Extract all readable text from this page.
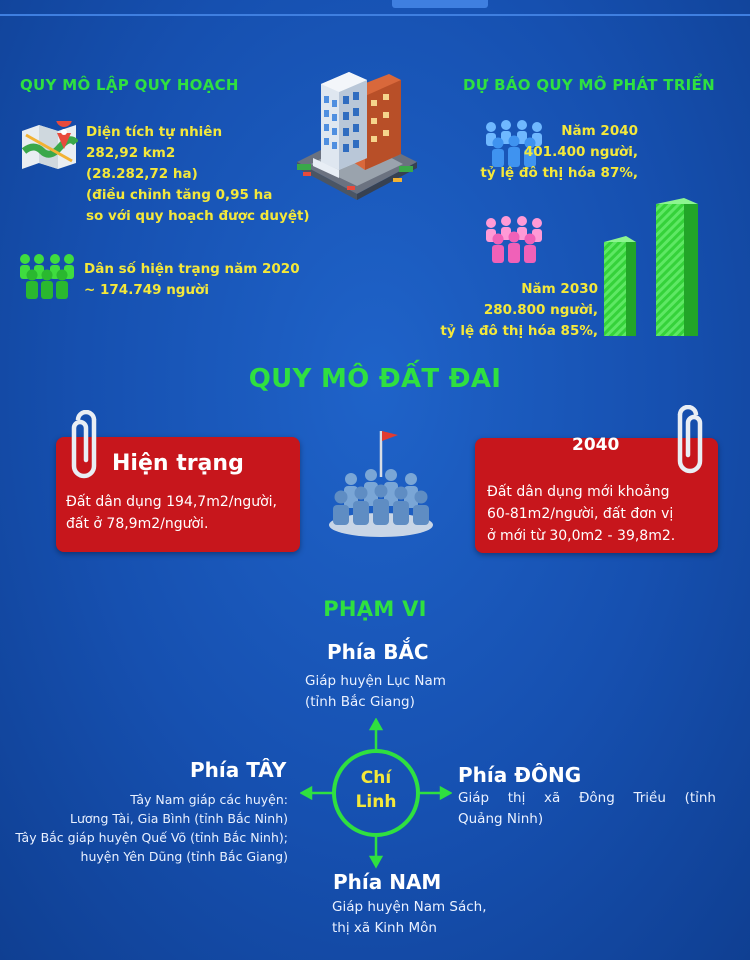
QUY MÔ LẬP QUY HOẠCH	DỰ BÁO QUY MÔ PHÁT TRIỂN
Diện tích tự nhiên
282,92 km2
(28.282,72 ha)
(điều chỉnh tăng 0,95 ha
so với quy hoạch được duyệt)
Dân số hiện trạng năm 2020
~ 174.749 người
Năm 2040
401.400 người,
tỷ lệ đô thị hóa 87%,
Năm 2030
280.800 người,
tỷ lệ đô thị hóa 85%,
QUY MÔ ĐẤT ĐAI
Hiện trạng
Đất dân dụng 194,7m2/người,
đất ở 78,9m2/người.
2040
Đất dân dụng mới khoảng
60-81m2/người, đất đơn vị
ở mới từ 30,0m2 - 39,8m2.
PHẠM VI
Phía BẮC
Giáp huyện Lục Nam
(tỉnh Bắc Giang)
Phía ĐÔNG
Giáp thị xã Đông Triều (tỉnh
Quảng Ninh)
Phía TÂY
Tây Nam giáp các huyện:
Lương Tài, Gia Bình (tỉnh Bắc Ninh)
Tây Bắc giáp huyện Quế Võ (tỉnh Bắc Ninh);
huyện Yên Dũng (tỉnh Bắc Giang)
Phía NAM
Giáp huyện Nam Sách,
thị xã Kinh Môn
Chí
Linh
